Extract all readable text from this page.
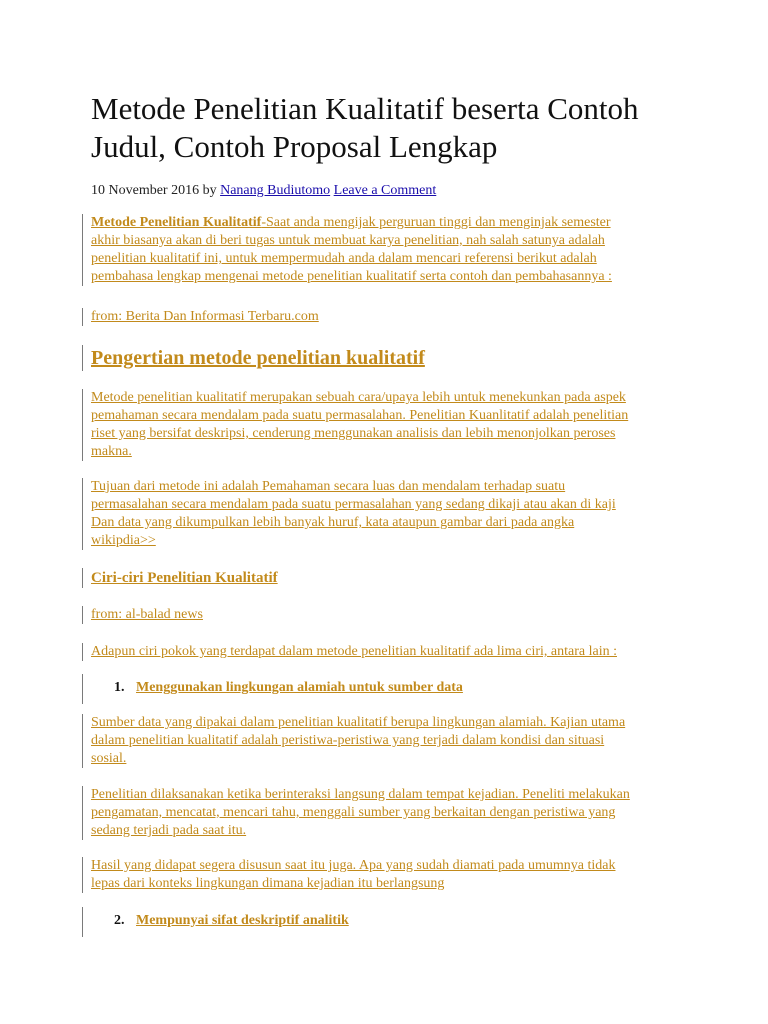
Metode Penelitian Kualitatif beserta Contoh Judul, Contoh Proposal Lengkap
10 November 2016 by Nanang Budiutomo Leave a Comment
Metode Penelitian Kualitatif-Saat anda mengijak perguruan tinggi dan menginjak semester
akhir biasanya akan di beri tugas untuk membuat karya penelitian, nah salah satunya adalah
penelitian kualitatif ini, untuk mempermudah anda dalam mencari referensi berikut adalah
pembahasa lengkap mengenai metode penelitian kualitatif serta contoh dan pembahasannya :
from: Berita Dan Informasi Terbaru.com
Pengertian metode penelitian kualitatif
Metode penelitian kualitatif merupakan sebuah cara/upaya lebih untuk menekunkan pada aspek
pemahaman secara mendalam pada suatu permasalahan. Penelitian Kuanlitatif adalah penelitian
riset yang bersifat deskripsi, cenderung menggunakan analisis dan lebih menonjolkan peroses
makna.
Tujuan dari metode ini adalah Pemahaman secara luas dan mendalam terhadap suatu
permasalahan secara mendalam pada suatu permasalahan yang sedang dikaji atau akan di kaji
Dan data yang dikumpulkan lebih banyak huruf, kata ataupun gambar dari pada angka
wikipdia>>
Ciri-ciri Penelitian Kualitatif
from: al-balad news
Adapun ciri pokok yang terdapat dalam metode penelitian kualitatif ada lima ciri, antara lain :
1. Menggunakan lingkungan alamiah untuk sumber data
Sumber data yang dipakai dalam penelitian kualitatif berupa lingkungan alamiah. Kajian utama
dalam penelitian kualitatif adalah peristiwa-peristiwa yang terjadi dalam kondisi dan situasi
sosial.
Penelitian dilaksanakan ketika berinteraksi langsung dalam tempat kejadian. Peneliti melakukan
pengamatan, mencatat, mencari tahu, menggali sumber yang berkaitan dengan peristiwa yang
sedang terjadi pada saat itu.
Hasil yang didapat segera disusun saat itu juga. Apa yang sudah diamati pada umumnya tidak
lepas dari konteks lingkungan dimana kejadian itu berlangsung
2. Mempunyai sifat deskriptif analitik
